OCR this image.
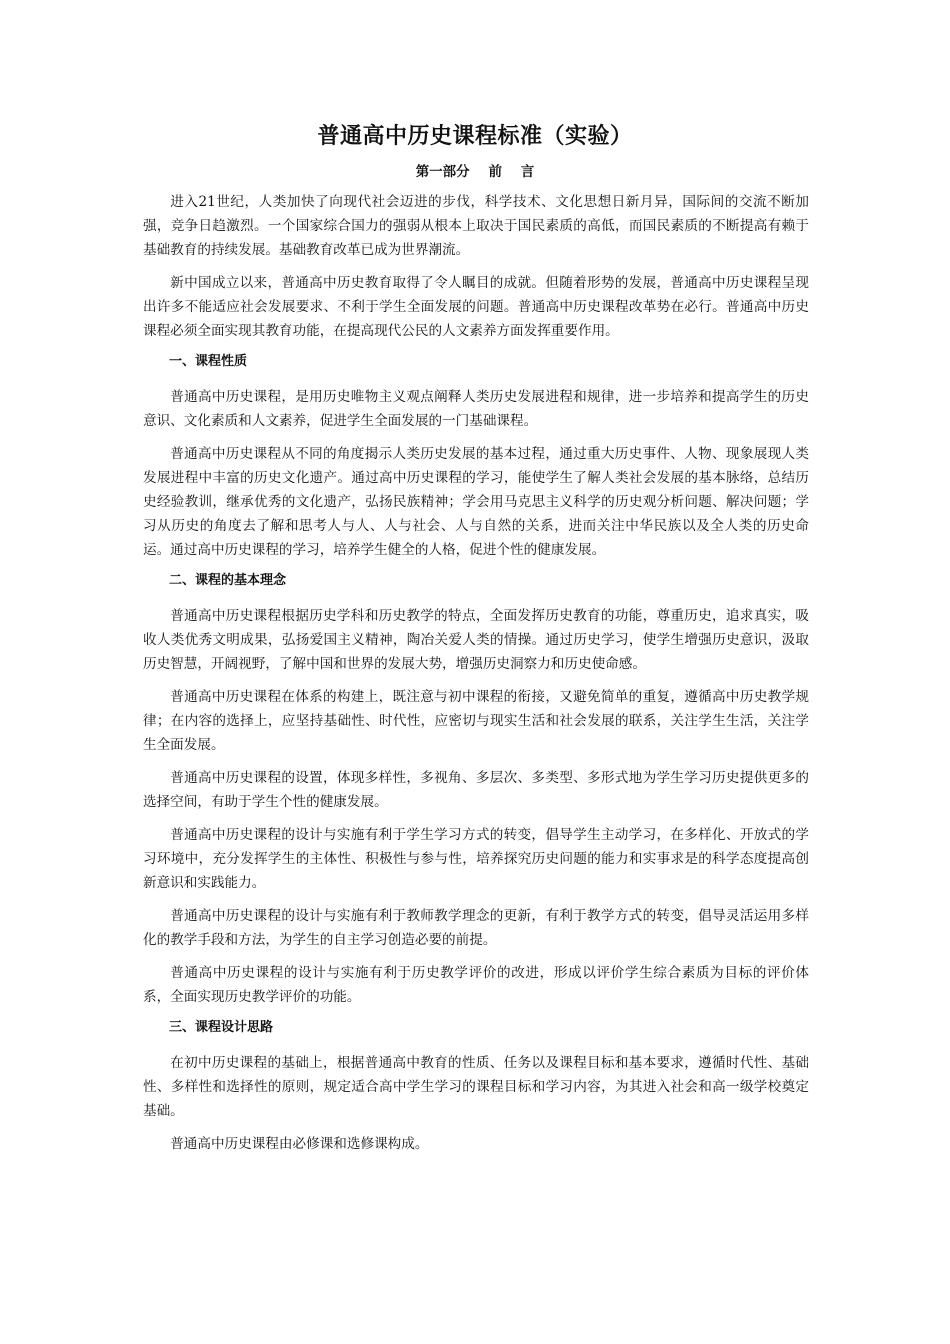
普通高中历史课程标准（实验）
第一部分    前    言

进入21世纪，人类加快了向现代社会迈进的步伐，科学技术、文化思想日新月异，国际间的交流不断加强，竞争日趋激烈。一个国家综合国力的强弱从根本上取决于国民素质的高低，而国民素质的不断提高有赖于基础教育的持续发展。基础教育改革已成为世界潮流。

新中国成立以来，普通高中历史教育取得了令人瞩目的成就。但随着形势的发展，普通高中历史课程呈现出许多不能适应社会发展要求、不利于学生全面发展的问题。普通高中历史课程改革势在必行。普通高中历史课程必须全面实现其教育功能，在提高现代公民的人文素养方面发挥重要作用。

一、课程性质

普通高中历史课程，是用历史唯物主义观点阐释人类历史发展进程和规律，进一步培养和提高学生的历史意识、文化素质和人文素养，促进学生全面发展的一门基础课程。

普通高中历史课程从不同的角度揭示人类历史发展的基本过程，通过重大历史事件、人物、现象展现人类发展进程中丰富的历史文化遗产。通过高中历史课程的学习，能使学生了解人类社会发展的基本脉络，总结历史经验教训，继承优秀的文化遗产，弘扬民族精神；学会用马克思主义科学的历史观分析问题、解决问题；学习从历史的角度去了解和思考人与人、人与社会、人与自然的关系，进而关注中华民族以及全人类的历史命运。通过高中历史课程的学习，培养学生健全的人格，促进个性的健康发展。

二、课程的基本理念

普通高中历史课程根据历史学科和历史教学的特点，全面发挥历史教育的功能，尊重历史，追求真实，吸收人类优秀文明成果，弘扬爱国主义精神，陶冶关爱人类的情操。通过历史学习，使学生增强历史意识，汲取历史智慧，开阔视野，了解中国和世界的发展大势，增强历史洞察力和历史使命感。

普通高中历史课程在体系的构建上，既注意与初中课程的衔接，又避免简单的重复，遵循高中历史教学规律；在内容的选择上，应坚持基础性、时代性，应密切与现实生活和社会发展的联系，关注学生生活，关注学生全面发展。

普通高中历史课程的设置，体现多样性，多视角、多层次、多类型、多形式地为学生学习历史提供更多的选择空间，有助于学生个性的健康发展。

普通高中历史课程的设计与实施有利于学生学习方式的转变，倡导学生主动学习，在多样化、开放式的学习环境中，充分发挥学生的主体性、积极性与参与性，培养探究历史问题的能力和实事求是的科学态度提高创新意识和实践能力。

普通高中历史课程的设计与实施有利于教师教学理念的更新，有利于教学方式的转变，倡导灵活运用多样化的教学手段和方法，为学生的自主学习创造必要的前提。

普通高中历史课程的设计与实施有利于历史教学评价的改进，形成以评价学生综合素质为目标的评价体系，全面实现历史教学评价的功能。

三、课程设计思路

在初中历史课程的基础上，根据普通高中教育的性质、任务以及课程目标和基本要求，遵循时代性、基础性、多样性和选择性的原则，规定适合高中学生学习的课程目标和学习内容，为其进入社会和高一级学校奠定基础。

普通高中历史课程由必修课和选修课构成。
